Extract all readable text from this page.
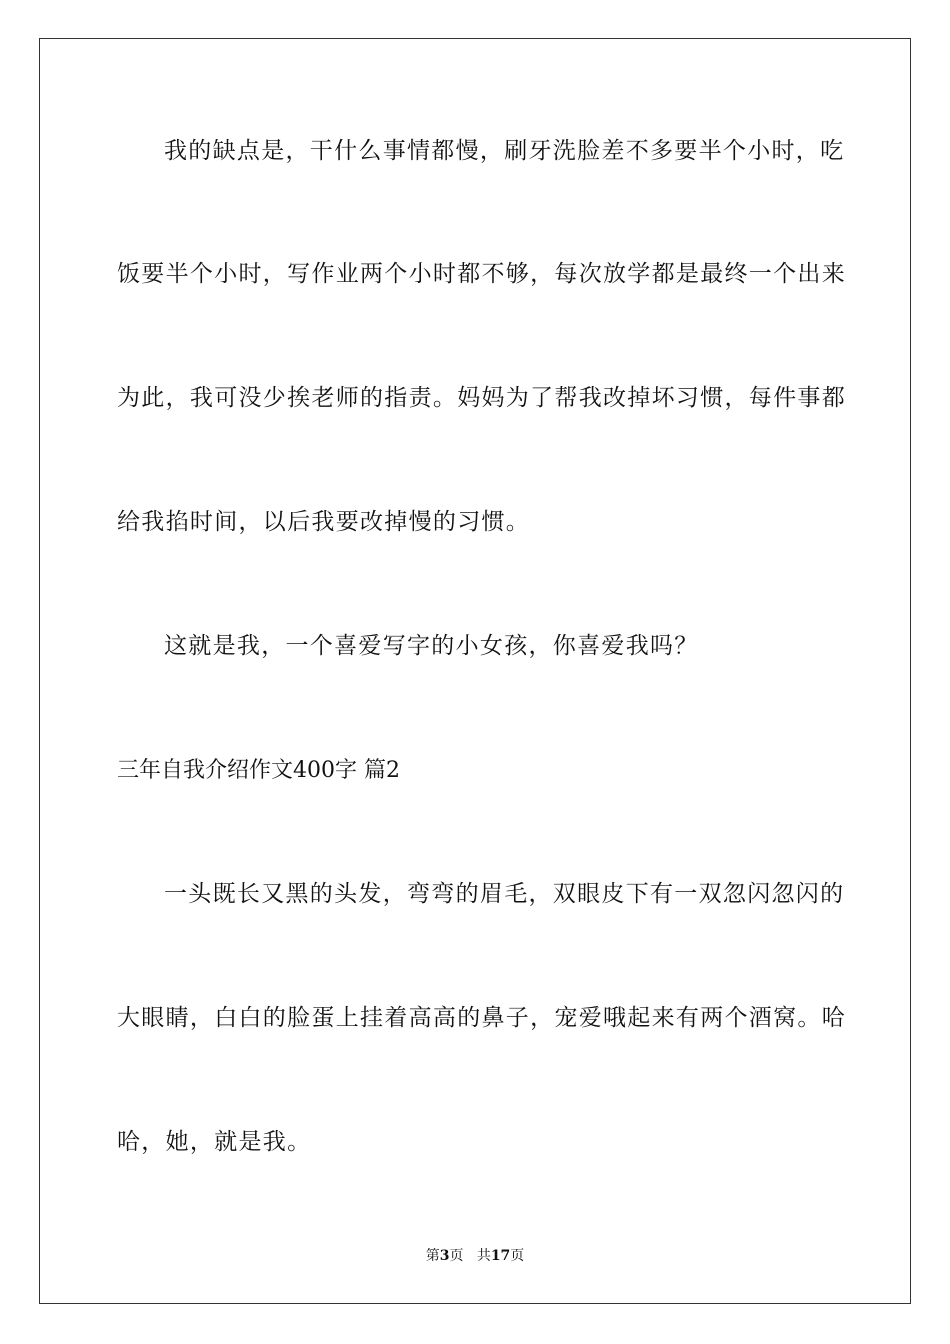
我的缺点是，干什么事情都慢，刷牙洗脸差不多要半个小时，吃
饭要半个小时，写作业两个小时都不够，每次放学都是最终一个出来
为此，我可没少挨老师的指责。妈妈为了帮我改掉坏习惯，每件事都
给我掐时间，以后我要改掉慢的习惯。
这就是我，一个喜爱写字的小女孩，你喜爱我吗？
三年自我介绍作文400字 篇2
一头既长又黑的头发，弯弯的眉毛，双眼皮下有一双忽闪忽闪的
大眼睛，白白的脸蛋上挂着高高的鼻子，宠爱哦起来有两个酒窝。哈
哈，她，就是我。
第3页 共17页
